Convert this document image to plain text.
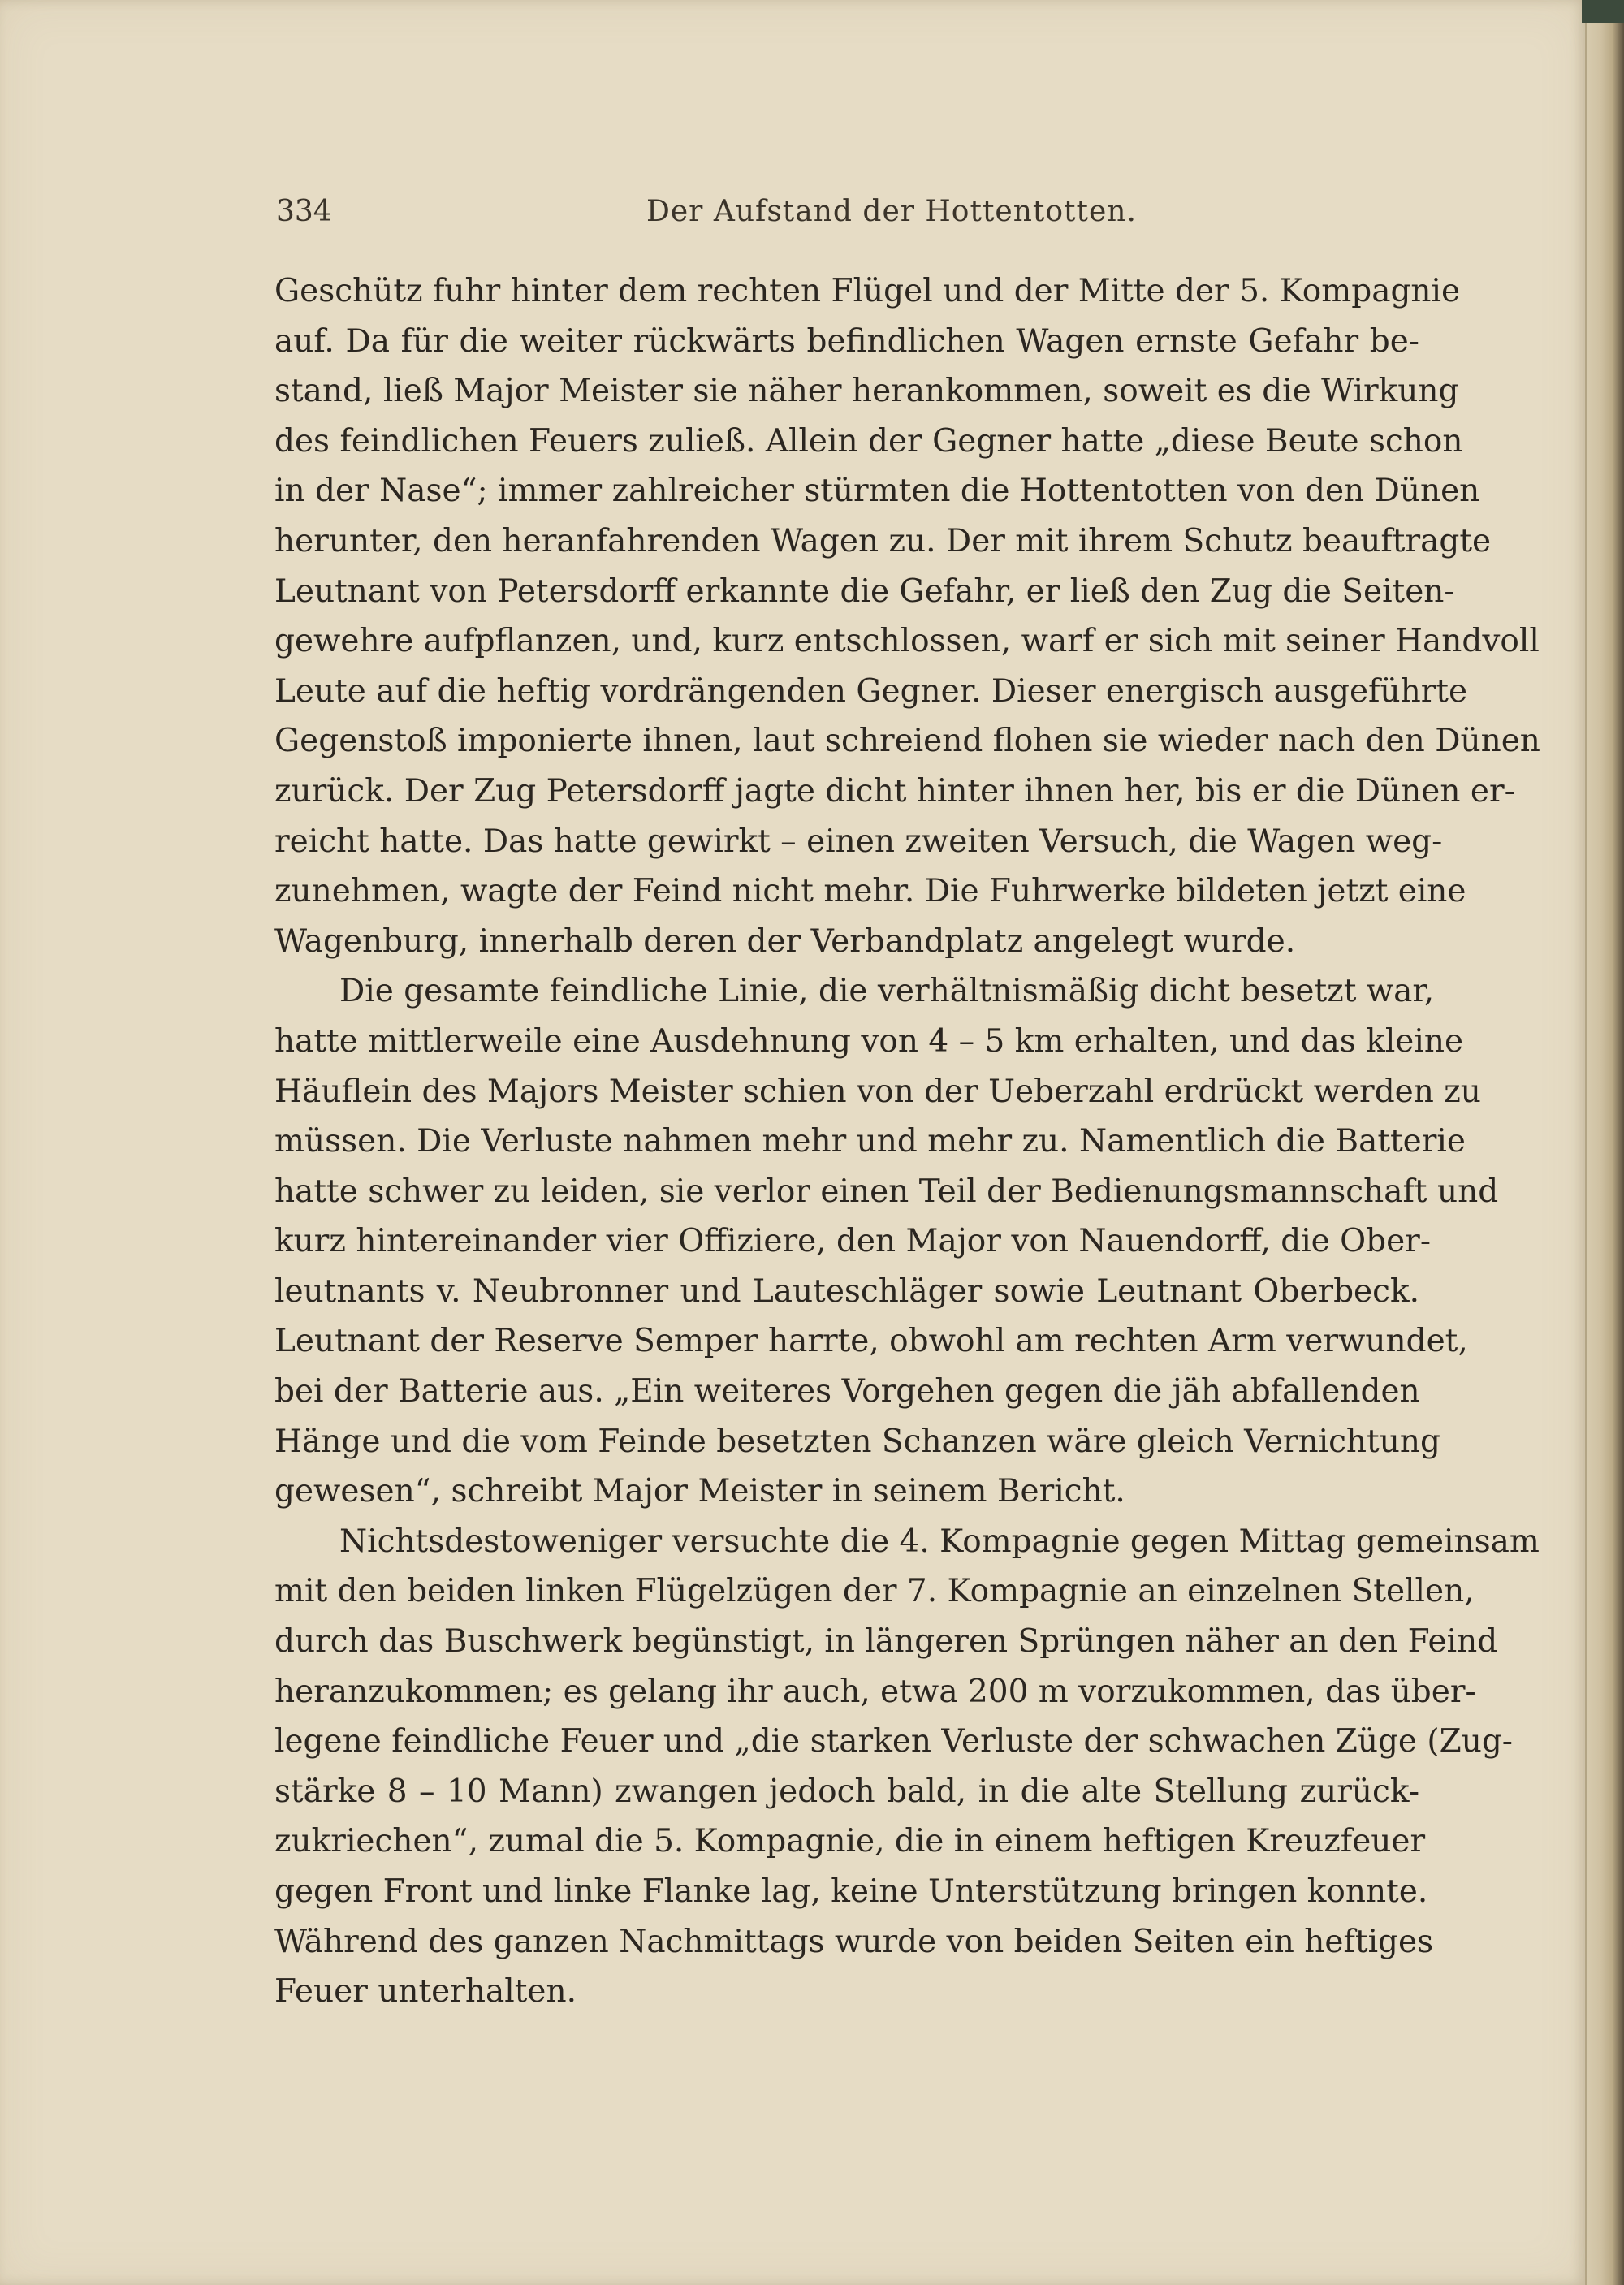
334	Der Aufstand der Hottentotten.
Geschütz fuhr hinter dem rechten Flügel und der Mitte der 5. Kompagnie
auf. Da für die weiter rückwärts befindlichen Wagen ernste Gefahr be-
stand, ließ Major Meister sie näher herankommen, soweit es die Wirkung
des feindlichen Feuers zuließ. Allein der Gegner hatte „diese Beute schon
in der Nase“; immer zahlreicher stürmten die Hottentotten von den Dünen
herunter, den heranfahrenden Wagen zu. Der mit ihrem Schutz beauftragte
Leutnant von Petersdorff erkannte die Gefahr, er ließ den Zug die Seiten-
gewehre aufpflanzen, und, kurz entschlossen, warf er sich mit seiner Handvoll
Leute auf die heftig vordrängenden Gegner. Dieser energisch ausgeführte
Gegenstoß imponierte ihnen, laut schreiend flohen sie wieder nach den Dünen
zurück. Der Zug Petersdorff jagte dicht hinter ihnen her, bis er die Dünen er-
reicht hatte. Das hatte gewirkt – einen zweiten Versuch, die Wagen weg-
zunehmen, wagte der Feind nicht mehr. Die Fuhrwerke bildeten jetzt eine
Wagenburg, innerhalb deren der Verbandplatz angelegt wurde.
Die gesamte feindliche Linie, die verhältnismäßig dicht besetzt war,
hatte mittlerweile eine Ausdehnung von 4 – 5 km erhalten, und das kleine
Häuflein des Majors Meister schien von der Ueberzahl erdrückt werden zu
müssen. Die Verluste nahmen mehr und mehr zu. Namentlich die Batterie
hatte schwer zu leiden, sie verlor einen Teil der Bedienungsmannschaft und
kurz hintereinander vier Offiziere, den Major von Nauendorff, die Ober-
leutnants v. Neubronner und Lauteschläger sowie Leutnant Oberbeck.
Leutnant der Reserve Semper harrte, obwohl am rechten Arm verwundet,
bei der Batterie aus. „Ein weiteres Vorgehen gegen die jäh abfallenden
Hänge und die vom Feinde besetzten Schanzen wäre gleich Vernichtung
gewesen“, schreibt Major Meister in seinem Bericht.
Nichtsdestoweniger versuchte die 4. Kompagnie gegen Mittag gemeinsam
mit den beiden linken Flügelzügen der 7. Kompagnie an einzelnen Stellen,
durch das Buschwerk begünstigt, in längeren Sprüngen näher an den Feind
heranzukommen; es gelang ihr auch, etwa 200 m vorzukommen, das über-
legene feindliche Feuer und „die starken Verluste der schwachen Züge (Zug-
stärke 8 – 10 Mann) zwangen jedoch bald, in die alte Stellung zurück-
zukriechen“, zumal die 5. Kompagnie, die in einem heftigen Kreuzfeuer
gegen Front und linke Flanke lag, keine Unterstützung bringen konnte.
Während des ganzen Nachmittags wurde von beiden Seiten ein heftiges
Feuer unterhalten.
